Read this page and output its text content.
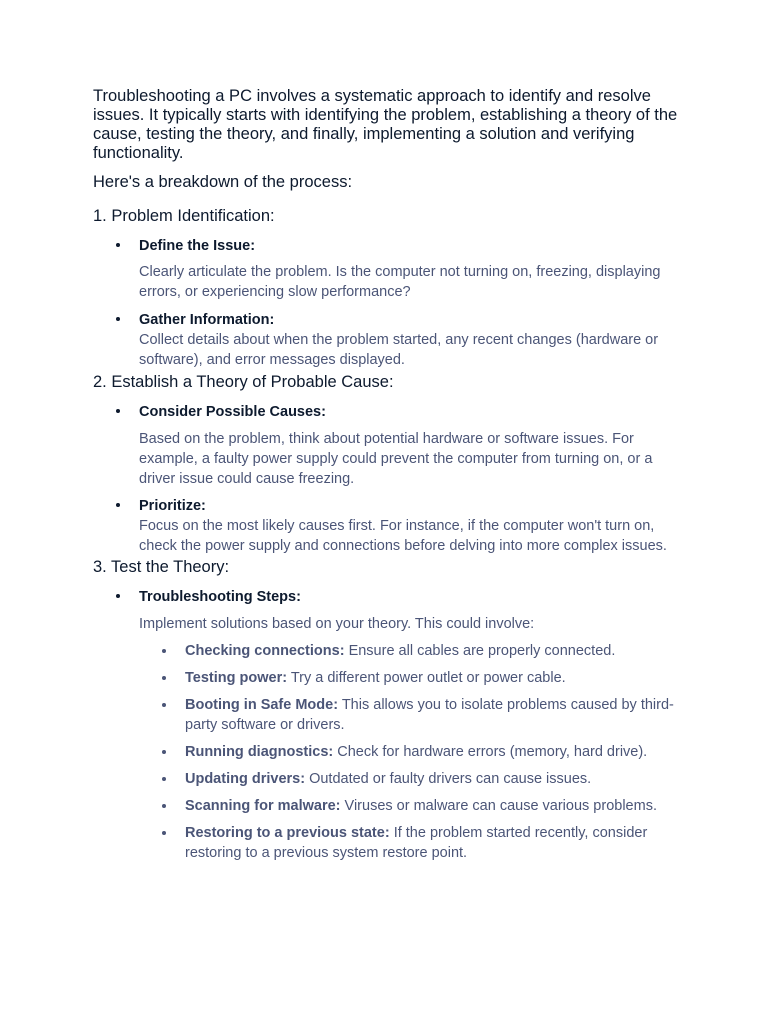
Troubleshooting a PC involves a systematic approach to identify and resolve issues. It typically starts with identifying the problem, establishing a theory of the cause, testing the theory, and finally, implementing a solution and verifying functionality.

Here's a breakdown of the process:

1. Problem Identification:

Define the Issue:

Clearly articulate the problem. Is the computer not turning on, freezing, displaying errors, or experiencing slow performance?

Gather Information:

Collect details about when the problem started, any recent changes (hardware or software), and error messages displayed.

2. Establish a Theory of Probable Cause:

Consider Possible Causes:

Based on the problem, think about potential hardware or software issues. For example, a faulty power supply could prevent the computer from turning on, or a driver issue could cause freezing.

Prioritize:

Focus on the most likely causes first. For instance, if the computer won't turn on, check the power supply and connections before delving into more complex issues.

3. Test the Theory:

Troubleshooting Steps:

Implement solutions based on your theory. This could involve:

Checking connections: Ensure all cables are properly connected.
Testing power: Try a different power outlet or power cable.
Booting in Safe Mode: This allows you to isolate problems caused by third-party software or drivers.
Running diagnostics: Check for hardware errors (memory, hard drive).
Updating drivers: Outdated or faulty drivers can cause issues.
Scanning for malware: Viruses or malware can cause various problems.
Restoring to a previous state: If the problem started recently, consider restoring to a previous system restore point.
